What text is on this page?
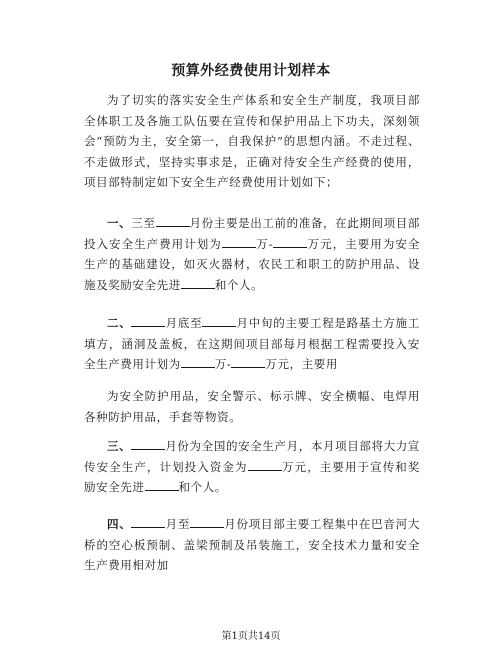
预算外经费使用计划样本

为了切实的落实安全生产体系和安全生产制度，我项目部全体职工及各施工队伍要在宣传和保护用品上下功夫，深刻领会“预防为主，安全第一，自我保护”的思想内涵。不走过程、不走做形式，坚持实事求是，正确对待安全生产经费的使用，项目部特制定如下安全生产经费使用计划如下；

一、三至	月份主要是出工前的准备，在此期间项目部投入安全生产费用计划为	万-	万元，主要用为安全生产的基础建设，如灭火器材，农民工和职工的防护用品、设施及奖励安全先进	和个人。

二、	月底至	月中旬的主要工程是路基土方施工填方，涵洞及盖板，在这期间项目部每月根据工程需要投入安全生产费用计划为	万-	万元，主要用

为安全防护用品，安全警示、标示牌、安全横幅、电焊用各种防护用品，手套等物资。

三、	月份为全国的安全生产月，本月项目部将大力宣传安全生产，计划投入资金为	万元，主要用于宣传和奖励安全先进	和个人。

四、	月至	月份项目部主要工程集中在巴音河大桥的空心板预制、盖梁预制及吊装施工，安全技术力量和安全生产费用相对加

第1页共14页
